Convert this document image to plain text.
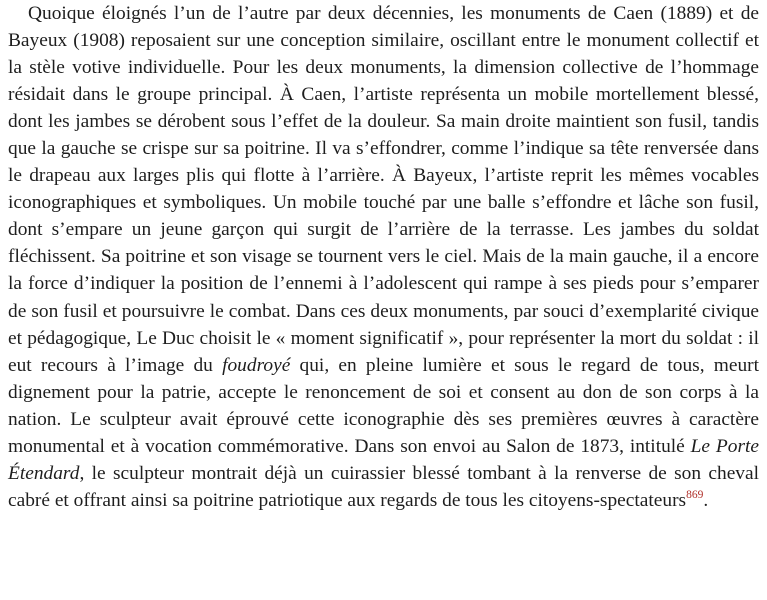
Quoique éloignés l’un de l’autre par deux décennies, les monuments de Caen (1889) et de Bayeux (1908) reposaient sur une conception similaire, oscillant entre le monument collectif et la stèle votive individuelle. Pour les deux monuments, la dimension collective de l’hommage résidait dans le groupe principal. À Caen, l’artiste représenta un mobile mortellement blessé, dont les jambes se dérobent sous l’effet de la douleur. Sa main droite maintient son fusil, tandis que la gauche se crispe sur sa poitrine. Il va s’effondrer, comme l’indique sa tête renversée dans le drapeau aux larges plis qui flotte à l’arrière. À Bayeux, l’artiste reprit les mêmes vocables iconographiques et symboliques. Un mobile touché par une balle s’effondre et lâche son fusil, dont s’empare un jeune garçon qui surgit de l’arrière de la terrasse. Les jambes du soldat fléchissent. Sa poitrine et son visage se tournent vers le ciel. Mais de la main gauche, il a encore la force d’indiquer la position de l’ennemi à l’adolescent qui rampe à ses pieds pour s’emparer de son fusil et poursuivre le combat. Dans ces deux monuments, par souci d’exemplarité civique et pédagogique, Le Duc choisit le « moment significatif », pour représenter la mort du soldat : il eut recours à l’image du foudroyé qui, en pleine lumière et sous le regard de tous, meurt dignement pour la patrie, accepte le renoncement de soi et consent au don de son corps à la nation. Le sculpteur avait éprouvé cette iconographie dès ses premières œuvres à caractère monumental et à vocation commémorative. Dans son envoi au Salon de 1873, intitulé Le Porte Étendard, le sculpteur montrait déjà un cuirassier blessé tombant à la renverse de son cheval cabré et offrant ainsi sa poitrine patriotique aux regards de tous les citoyens-spectateurs$^{869}$.
